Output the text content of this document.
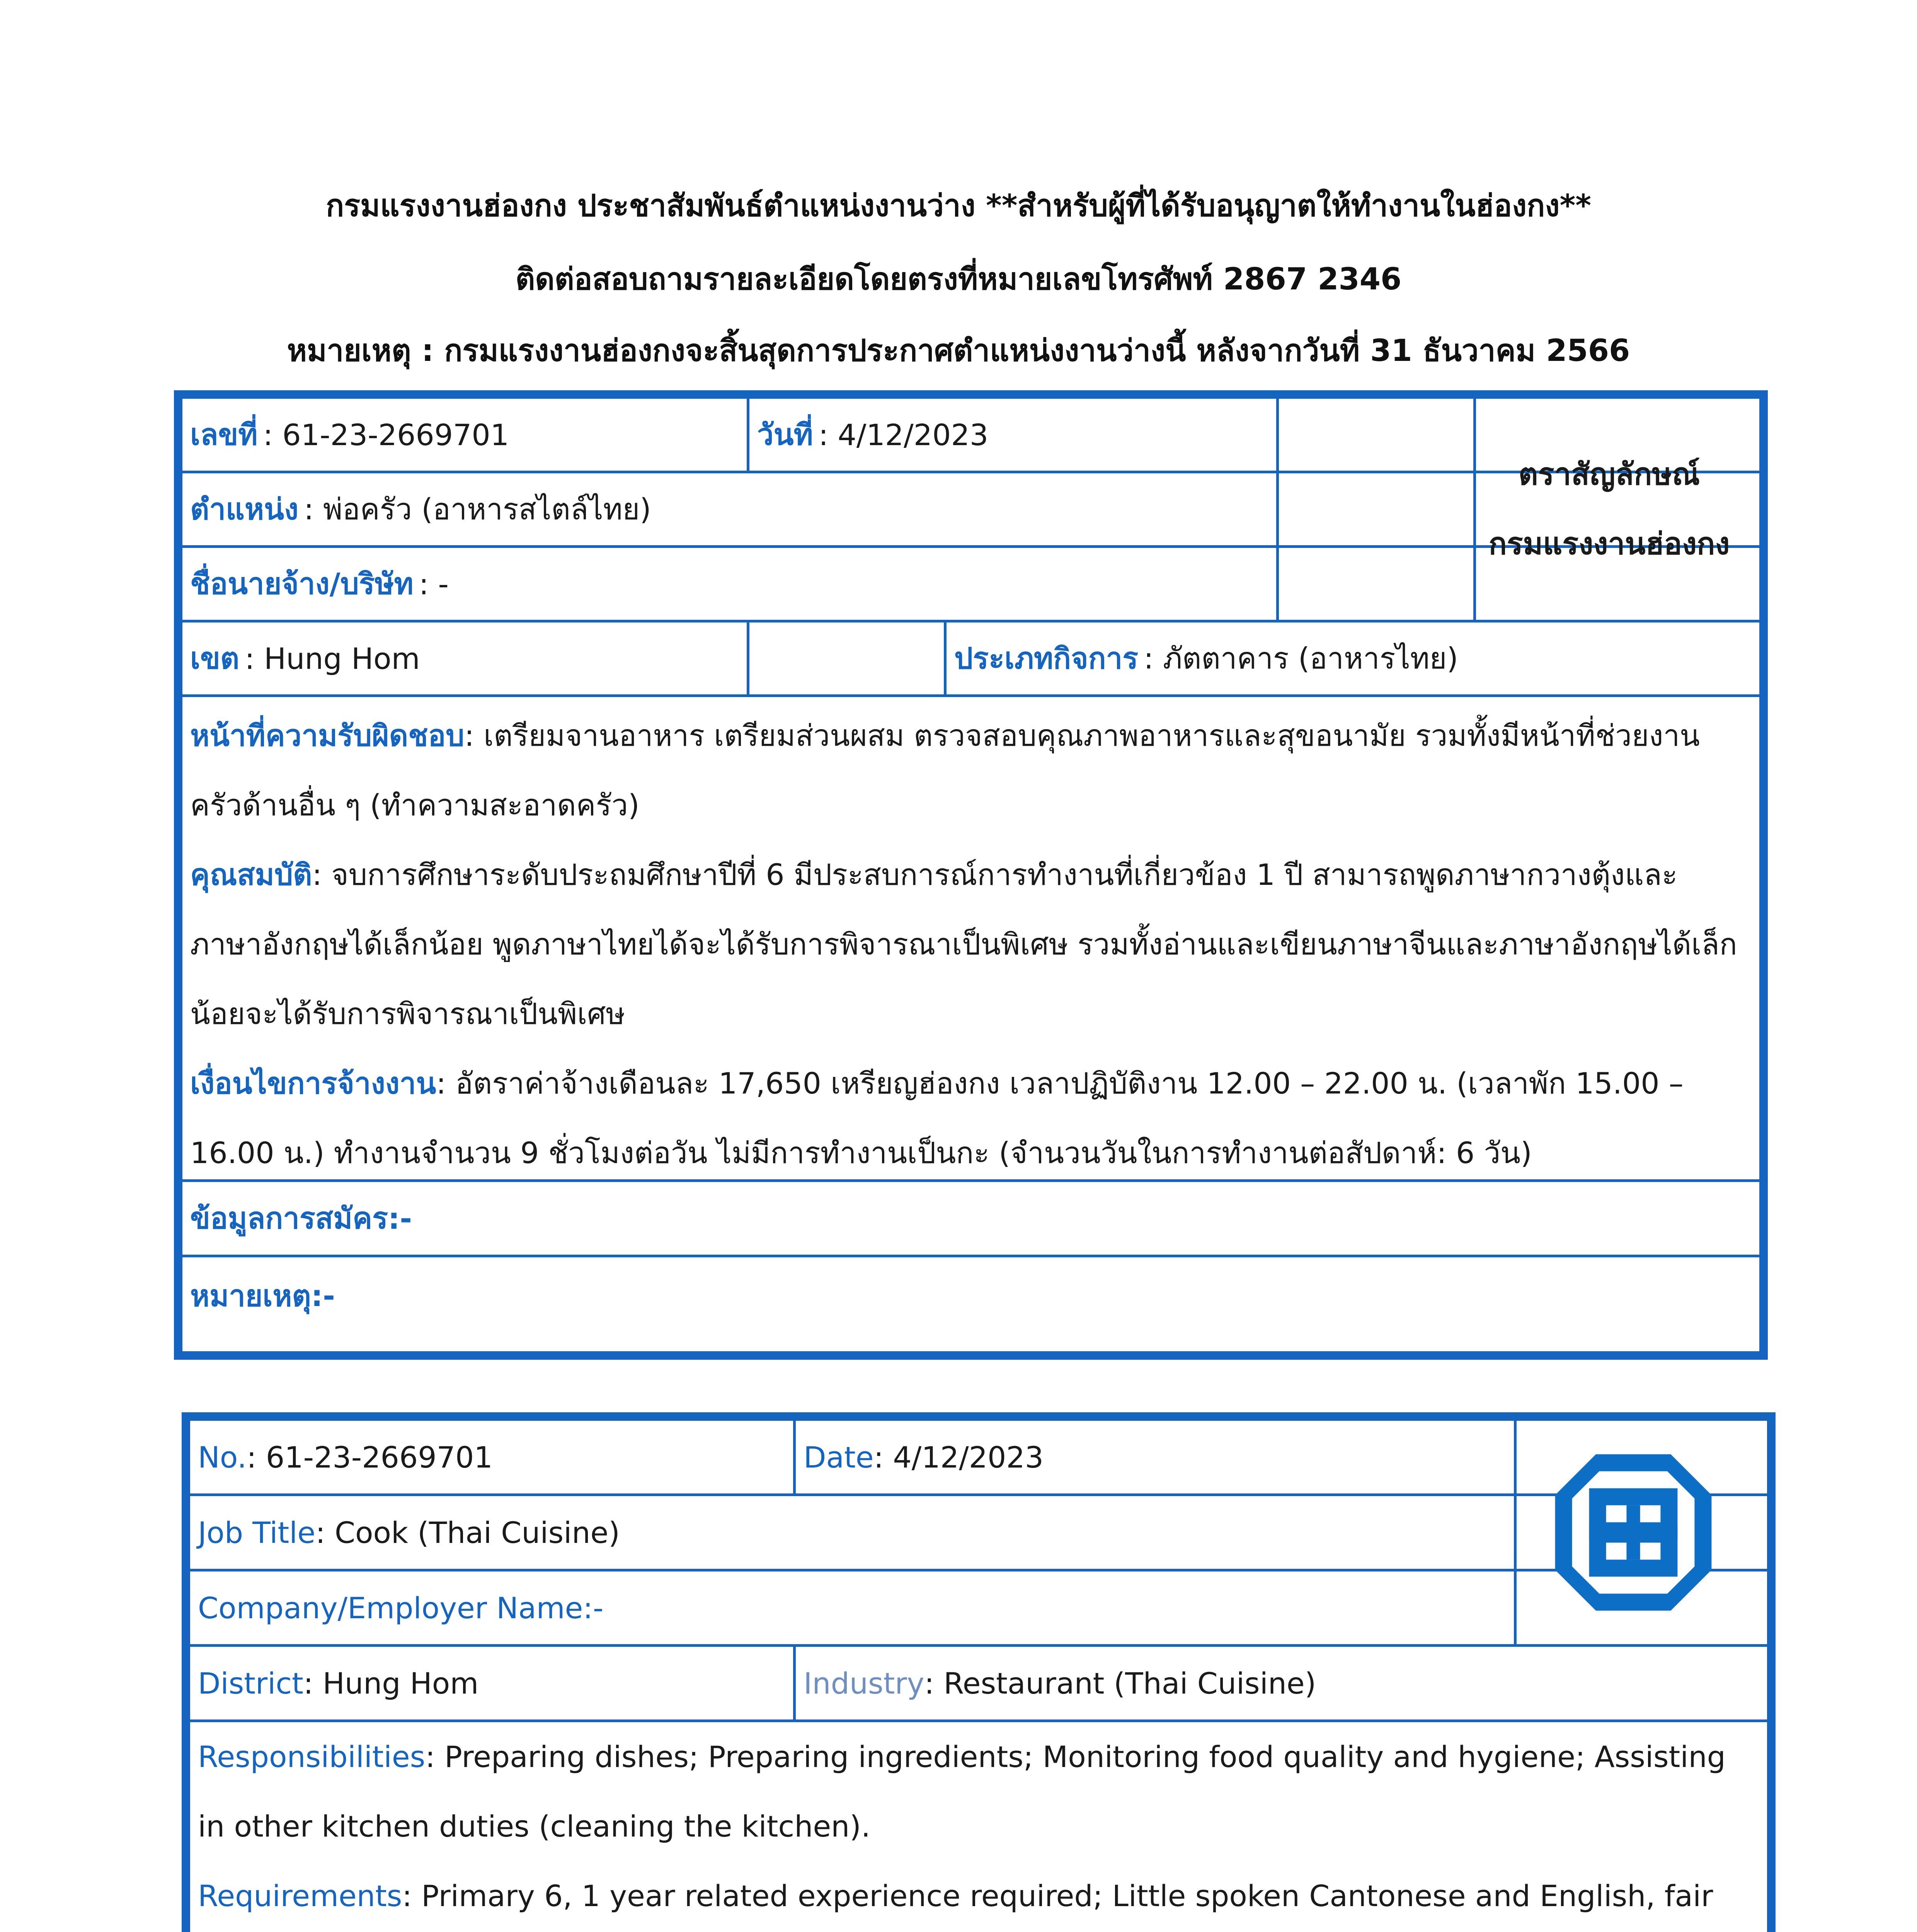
กรมแรงงานฮ่องกง ประชาสัมพันธ์ตำแหน่งงานว่าง **สำหรับผู้ที่ได้รับอนุญาตให้ทำงานในฮ่องกง**
ติดต่อสอบถามรายละเอียดโดยตรงที่หมายเลขโทรศัพท์ 2867 2346
หมายเหตุ : กรมแรงงานฮ่องกงจะสิ้นสุดการประกาศตำแหน่งงานว่างนี้ หลังจากวันที่ 31 ธันวาคม 2566
เลขที่ : 61-23-2669701	วันที่ : 4/12/2023
ตำแหน่ง : พ่อครัว (อาหารสไตล์ไทย)
ชื่อนายจ้าง/บริษัท : -
ตราสัญลักษณ์
กรมแรงงานฮ่องกง
เขต : Hung Hom	ประเภทกิจการ : ภัตตาคาร (อาหารไทย)

หน้าที่ความรับผิดชอบ: เตรียมจานอาหาร เตรียมส่วนผสม ตรวจสอบคุณภาพอาหารและสุขอนามัย รวมทั้งมีหน้าที่ช่วยงานครัวด้านอื่น ๆ (ทำความสะอาดครัว)

คุณสมบัติ: จบการศึกษาระดับประถมศึกษาปีที่ 6 มีประสบการณ์การทำงานที่เกี่ยวข้อง 1 ปี สามารถพูดภาษากวางตุ้งและภาษาอังกฤษได้เล็กน้อย พูดภาษาไทยได้จะได้รับการพิจารณาเป็นพิเศษ รวมทั้งอ่านและเขียนภาษาจีนและภาษาอังกฤษได้เล็กน้อยจะได้รับการพิจารณาเป็นพิเศษ

เงื่อนไขการจ้างงาน: อัตราค่าจ้างเดือนละ 17,650 เหรียญฮ่องกง เวลาปฏิบัติงาน 12.00 – 22.00 น. (เวลาพัก 15.00 – 16.00 น.) ทำงานจำนวน 9 ชั่วโมงต่อวัน ไม่มีการทำงานเป็นกะ (จำนวนวันในการทำงานต่อสัปดาห์: 6 วัน)

ข้อมูลการสมัคร :-
หมายเหตุ :-
No. : 61-23-2669701	Date : 4/12/2023
Job Title : Cook (Thai Cuisine)
Company/Employer Name :-
District : Hung Hom	Industry : Restaurant (Thai Cuisine)

Responsibilities: Preparing dishes; Preparing ingredients; Monitoring food quality and hygiene; Assisting in other kitchen duties (cleaning the kitchen).

Requirements: Primary 6, 1 year related experience required; Little spoken Cantonese and English, fair
